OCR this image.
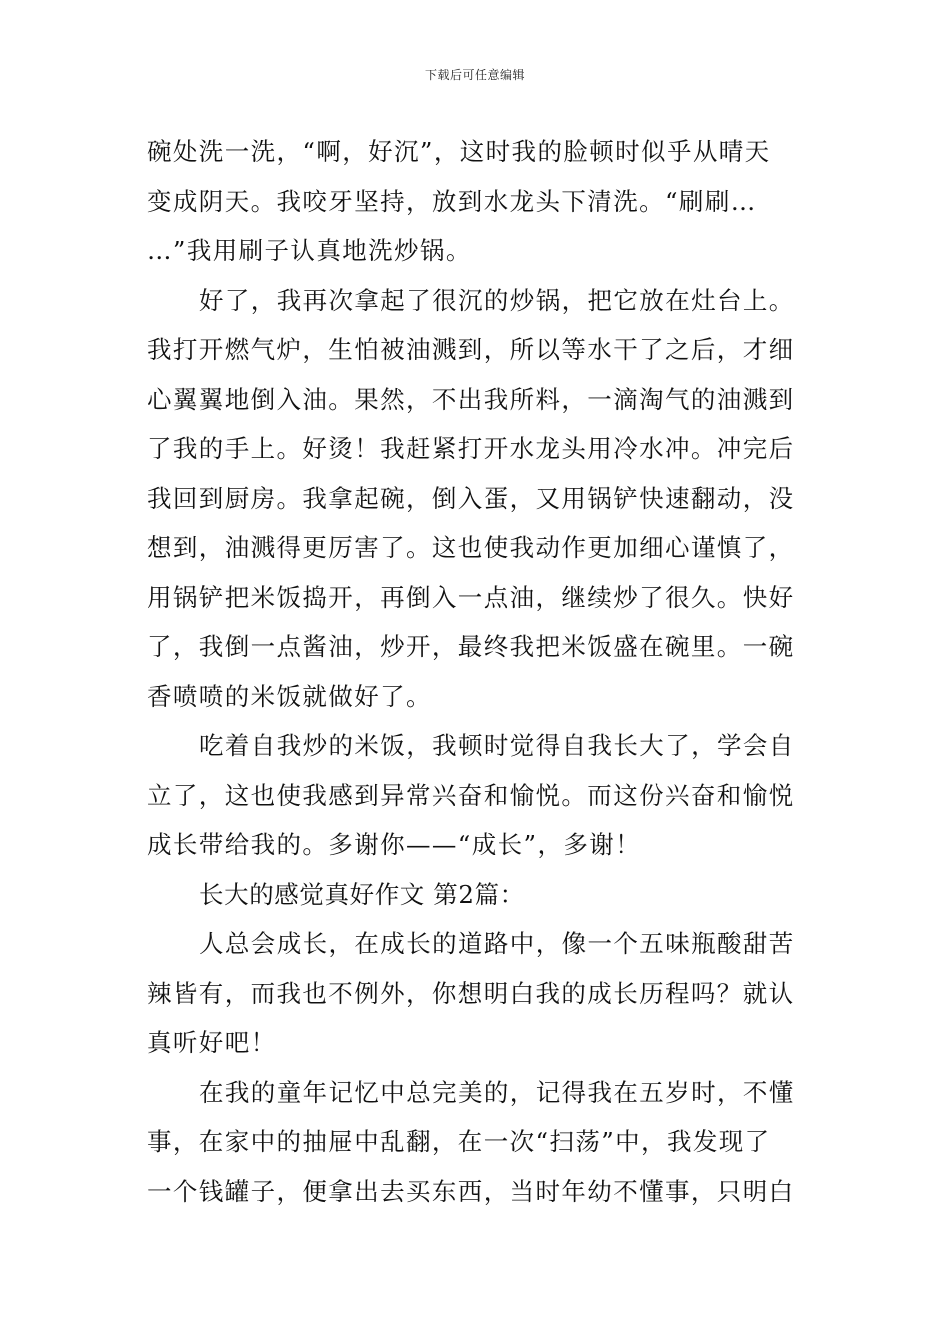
下载后可任意编辑
碗处洗一洗，“啊，好沉”，这时我的脸顿时似乎从晴天
变成阴天。我咬牙坚持，放到水龙头下清洗。“刷刷…
…”我用刷子认真地洗炒锅。
好了，我再次拿起了很沉的炒锅，把它放在灶台上。
我打开燃气炉，生怕被油溅到，所以等水干了之后，才细
心翼翼地倒入油。果然，不出我所料，一滴淘气的油溅到
了我的手上。好烫！我赶紧打开水龙头用冷水冲。冲完后
我回到厨房。我拿起碗，倒入蛋，又用锅铲快速翻动，没
想到，油溅得更厉害了。这也使我动作更加细心谨慎了，
用锅铲把米饭捣开，再倒入一点油，继续炒了很久。快好
了，我倒一点酱油，炒开，最终我把米饭盛在碗里。一碗
香喷喷的米饭就做好了。
吃着自我炒的米饭，我顿时觉得自我长大了，学会自
立了，这也使我感到异常兴奋和愉悦。而这份兴奋和愉悦
成长带给我的。多谢你——“成长”，多谢！
长大的感觉真好作文 第2篇：
人总会成长，在成长的道路中，像一个五味瓶酸甜苦
辣皆有，而我也不例外，你想明白我的成长历程吗？就认
真听好吧！
在我的童年记忆中总完美的，记得我在五岁时，不懂
事，在家中的抽屉中乱翻，在一次“扫荡”中，我发现了
一个钱罐子，便拿出去买东西，当时年幼不懂事，只明白
